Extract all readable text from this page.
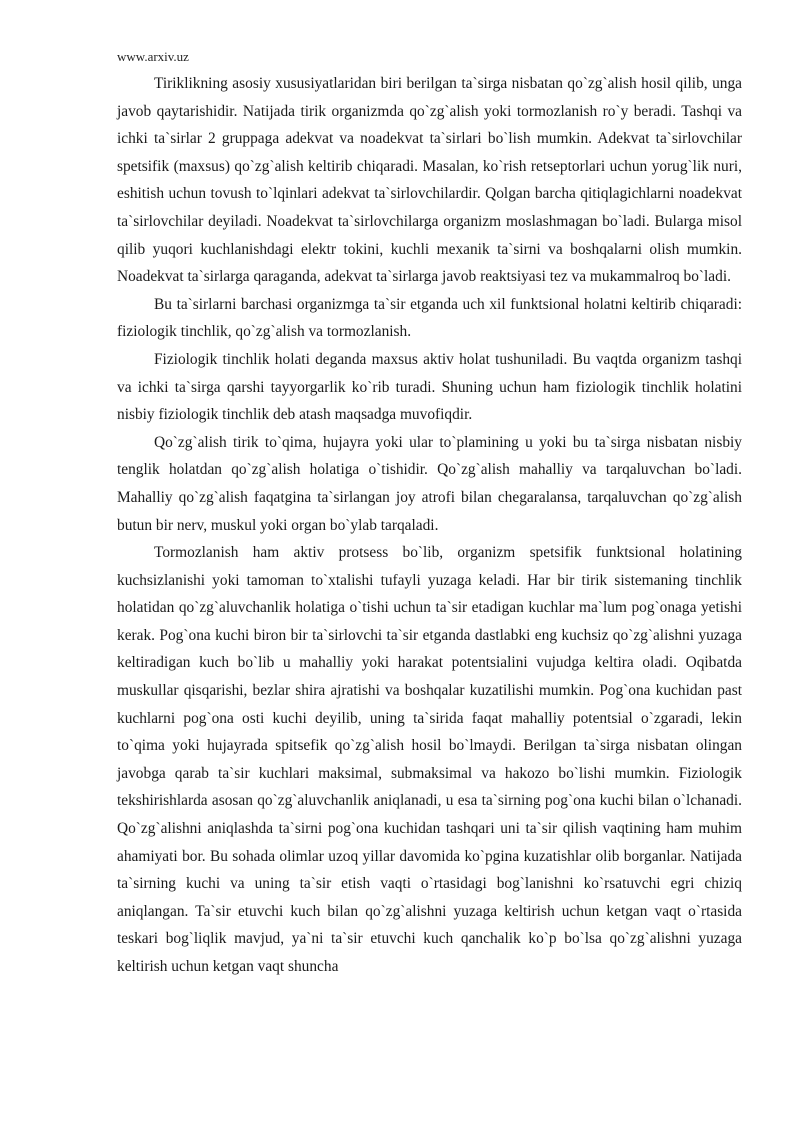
www.arxiv.uz

Tiriklikning asosiy xususiyatlaridan biri berilgan ta`sirga nisbatan qo`zg`alish hosil qilib, unga javob qaytarishidir. Natijada tirik organizmda qo`zg`alish yoki tormozlanish ro`y beradi. Tashqi va ichki ta`sirlar 2 gruppaga adekvat va noadekvat ta`sirlari bo`lish mumkin. Adekvat ta`sirlovchilar spetsifik (maxsus) qo`zg`alish keltirib chiqaradi. Masalan, ko`rish retseptorlari uchun yorug`lik nuri, eshitish uchun tovush to`lqinlari adekvat ta`sirlovchilardir. Qolgan barcha qitiqlagichlarni noadekvat ta`sirlovchilar deyiladi. Noadekvat ta`sirlovchilarga organizm moslashmagan bo`ladi. Bularga misol qilib yuqori kuchlanishdagi elektr tokini, kuchli mexanik ta`sirni va boshqalarni olish mumkin. Noadekvat ta`sirlarga qaraganda, adekvat ta`sirlarga javob reaktsiyasi tez va mukammalroq bo`ladi.

Bu ta`sirlarni barchasi organizmga ta`sir etganda uch xil funktsional holatni keltirib chiqaradi: fiziologik tinchlik, qo`zg`alish va tormozlanish.

Fiziologik tinchlik holati deganda maxsus aktiv holat tushuniladi. Bu vaqtda organizm tashqi va ichki ta`sirga qarshi tayyorgarlik ko`rib turadi. Shuning uchun ham fiziologik tinchlik holatini nisbiy fiziologik tinchlik deb atash maqsadga muvofiqdir.

Qo`zg`alish tirik to`qima, hujayra yoki ular to`plamining u yoki bu ta`sirga nisbatan nisbiy tenglik holatdan qo`zg`alish holatiga o`tishidir. Qo`zg`alish mahalliy va tarqaluvchan bo`ladi. Mahalliy qo`zg`alish faqatgina ta`sirlangan joy atrofi bilan chegaralansa, tarqaluvchan qo`zg`alish butun bir nerv, muskul yoki organ bo`ylab tarqaladi.

Tormozlanish ham aktiv protsess bo`lib, organizm spetsifik funktsional holatining kuchsizlanishi yoki tamoman to`xtalishi tufayli yuzaga keladi. Har bir tirik sistemaning tinchlik holatidan qo`zg`aluvchanlik holatiga o`tishi uchun ta`sir etadigan kuchlar ma`lum pog`onaga yetishi kerak. Pog`ona kuchi biron bir ta`sirlovchi ta`sir etganda dastlabki eng kuchsiz qo`zg`alishni yuzaga keltiradigan kuch bo`lib u mahalliy yoki harakat potentsialini vujudga keltira oladi. Oqibatda muskullar qisqarishi, bezlar shira ajratishi va boshqalar kuzatilishi mumkin. Pog`ona kuchidan past kuchlarni pog`ona osti kuchi deyilib, uning ta`sirida faqat mahalliy potentsial o`zgaradi, lekin to`qima yoki hujayrada spitsefik qo`zg`alish hosil bo`lmaydi. Berilgan ta`sirga nisbatan olingan javobga qarab ta`sir kuchlari maksimal, submaksimal va hakozo bo`lishi mumkin. Fiziologik tekshirishlarda asosan qo`zg`aluvchanlik aniqlanadi, u esa ta`sirning pog`ona kuchi bilan o`lchanadi. Qo`zg`alishni aniqlashda ta`sirni pog`ona kuchidan tashqari uni ta`sir qilish vaqtining ham muhim ahamiyati bor. Bu sohada olimlar uzoq yillar davomida ko`pgina kuzatishlar olib borganlar. Natijada ta`sirning kuchi va uning ta`sir etish vaqti o`rtasidagi bog`lanishni ko`rsatuvchi egri chiziq aniqlangan. Ta`sir etuvchi kuch bilan qo`zg`alishni yuzaga keltirish uchun ketgan vaqt o`rtasida teskari bog`liqlik mavjud, ya`ni ta`sir etuvchi kuch qanchalik ko`p bo`lsa qo`zg`alishni yuzaga keltirish uchun ketgan vaqt shuncha
